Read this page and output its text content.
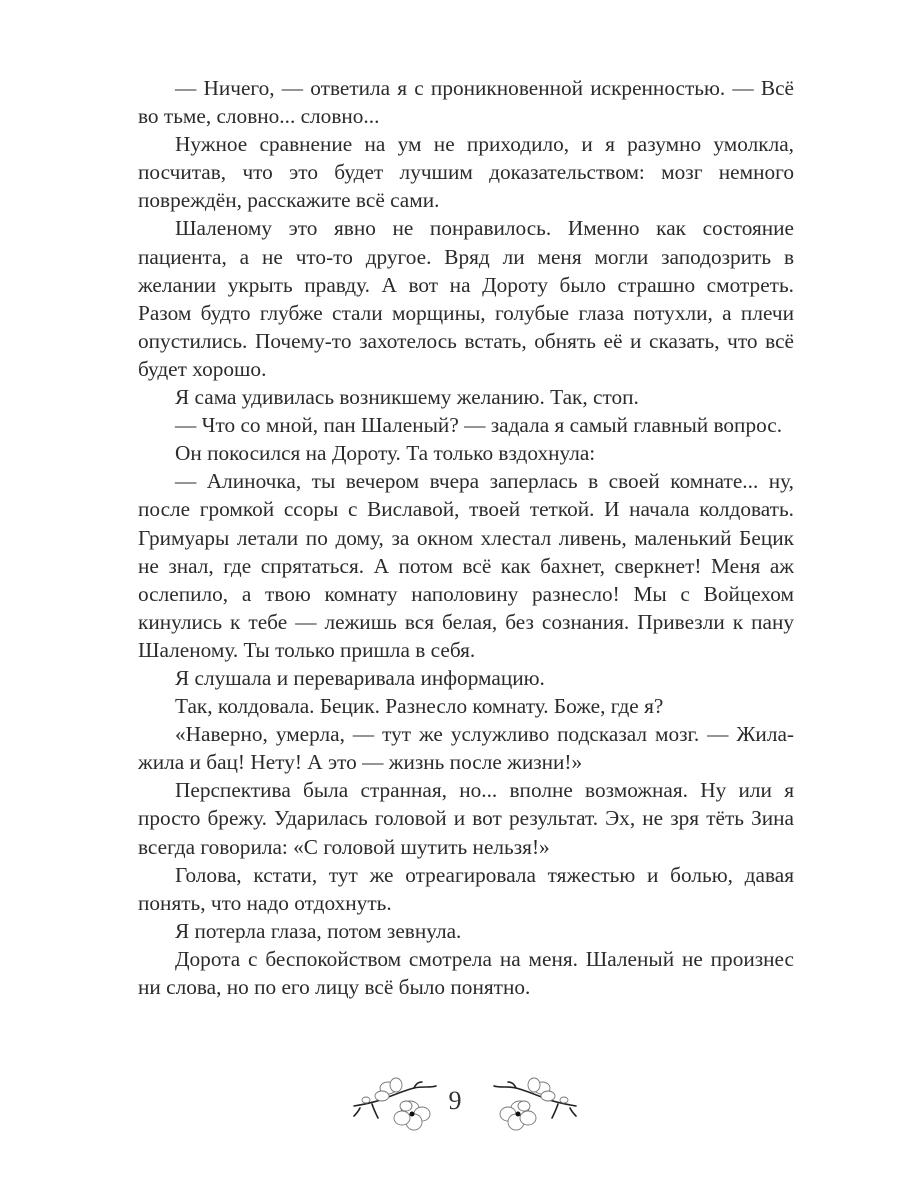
— Ничего, — ответила я с проникновенной искренностью. — Всё во тьме, словно... словно...

Нужное сравнение на ум не приходило, и я разумно умолкла, посчитав, что это будет лучшим доказательством: мозг немного повреждён, расскажите всё сами.

Шаленому это явно не понравилось. Именно как состояние пациента, а не что-то другое. Вряд ли меня могли заподозрить в желании укрыть правду. А вот на Дороту было страшно смотреть. Разом будто глубже стали морщины, голубые глаза потухли, а плечи опустились. Почему-то захотелось встать, обнять её и сказать, что всё будет хорошо.

Я сама удивилась возникшему желанию. Так, стоп.

— Что со мной, пан Шаленый? — задала я самый главный вопрос.

Он покосился на Дороту. Та только вздохнула:

— Алиночка, ты вечером вчера заперлась в своей комнате... ну, после громкой ссоры с Виславой, твоей теткой. И начала колдовать. Гримуары летали по дому, за окном хлестал ливень, маленький Бецик не знал, где спрятаться. А потом всё как бахнет, сверкнет! Меня аж ослепило, а твою комнату наполовину разнесло! Мы с Войцехом кинулись к тебе — лежишь вся белая, без сознания. Привезли к пану Шаленому. Ты только пришла в себя.

Я слушала и переваривала информацию.

Так, колдовала. Бецик. Разнесло комнату. Боже, где я?

«Наверно, умерла, — тут же услужливо подсказал мозг. — Жила-жила и бац! Нету! А это — жизнь после жизни!»

Перспектива была странная, но... вполне возможная. Ну или я просто брежу. Ударилась головой и вот результат. Эх, не зря тёть Зина всегда говорила: «С головой шутить нельзя!»

Голова, кстати, тут же отреагировала тяжестью и болью, давая понять, что надо отдохнуть.

Я потерла глаза, потом зевнула.

Дорота с беспокойством смотрела на меня. Шаленый не произнес ни слова, но по его лицу всё было понятно.

9
